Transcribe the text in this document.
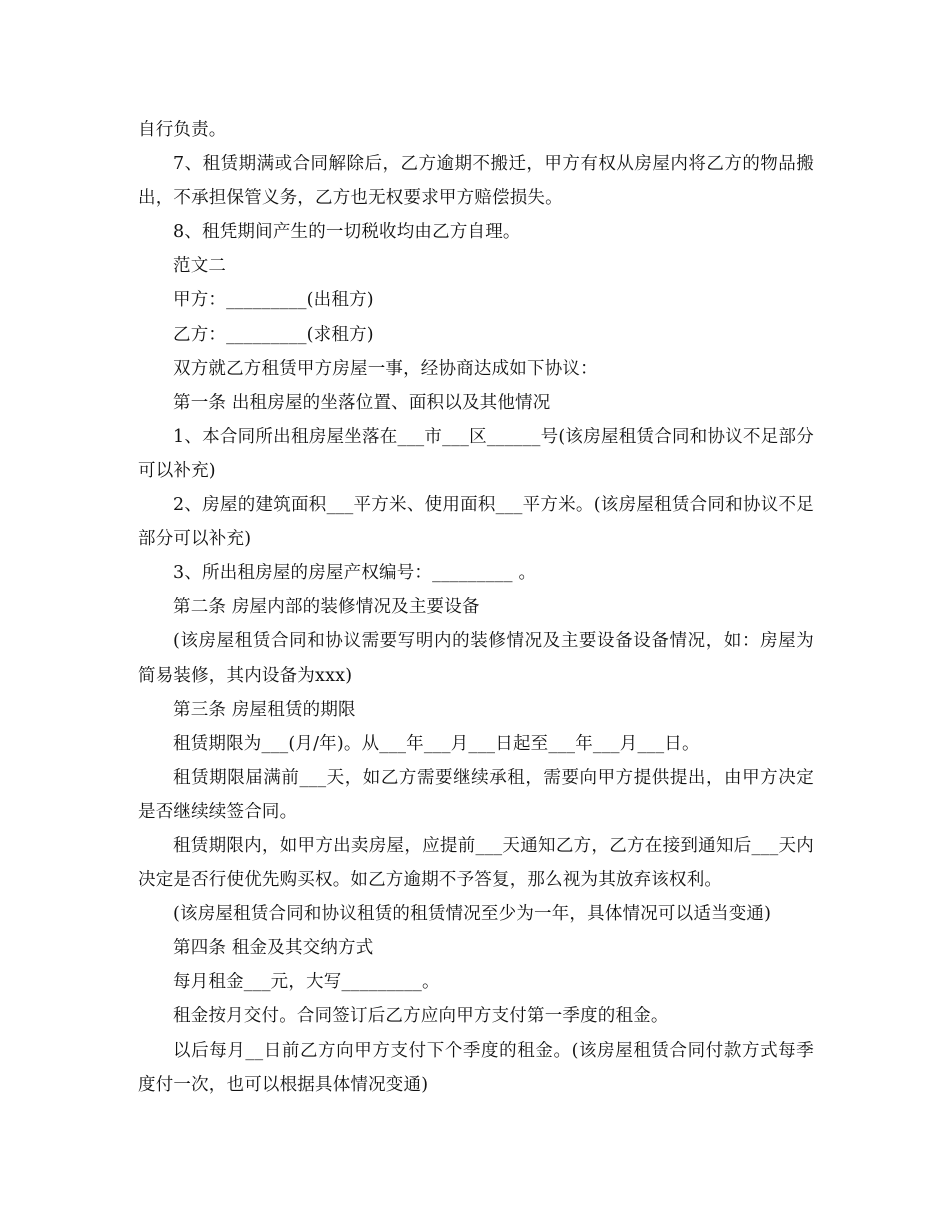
自行负责。

7、租赁期满或合同解除后，乙方逾期不搬迁，甲方有权从房屋内将乙方的物品搬出，不承担保管义务，乙方也无权要求甲方赔偿损失。

8、租凭期间产生的一切税收均由乙方自理。

范文二

甲方：_________(出租方)

乙方：_________(求租方)

双方就乙方租赁甲方房屋一事，经协商达成如下协议：

第一条 出租房屋的坐落位置、面积以及其他情况

1、本合同所出租房屋坐落在___市___区______号(该房屋租赁合同和协议不足部分可以补充)

2、房屋的建筑面积___平方米、使用面积___平方米。(该房屋租赁合同和协议不足部分可以补充)

3、所出租房屋的房屋产权编号：_________ 。

第二条 房屋内部的装修情况及主要设备

(该房屋租赁合同和协议需要写明内的装修情况及主要设备设备情况，如：房屋为简易装修，其内设备为xxx)

第三条 房屋租赁的期限

租赁期限为___(月/年)。从___年___月___日起至___年___月___日。

租赁期限届满前___天，如乙方需要继续承租，需要向甲方提供提出，由甲方决定是否继续续签合同。

租赁期限内，如甲方出卖房屋，应提前___天通知乙方，乙方在接到通知后___天内决定是否行使优先购买权。如乙方逾期不予答复，那么视为其放弃该权利。

(该房屋租赁合同和协议租赁的租赁情况至少为一年，具体情况可以适当变通)

第四条 租金及其交纳方式

每月租金___元，大写_________。

租金按月交付。合同签订后乙方应向甲方支付第一季度的租金。

以后每月__日前乙方向甲方支付下个季度的租金。(该房屋租赁合同付款方式每季度付一次，也可以根据具体情况变通)
